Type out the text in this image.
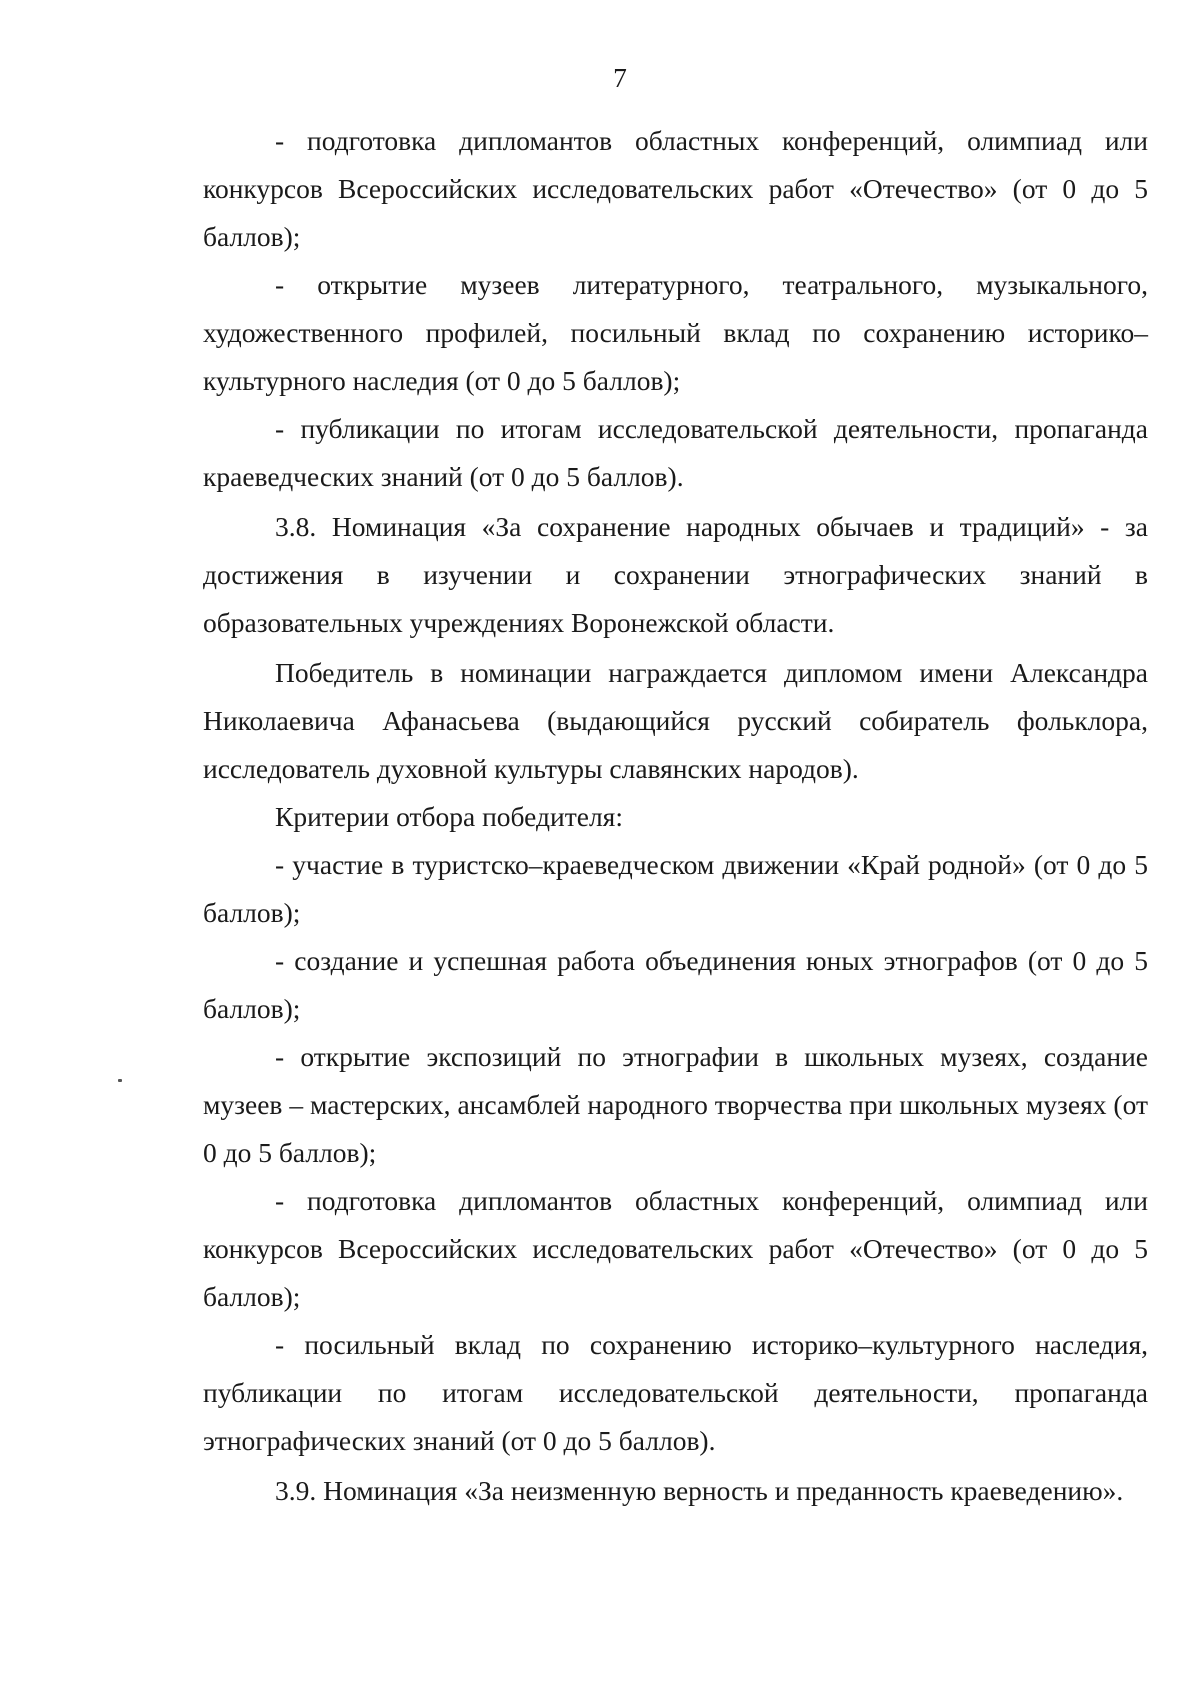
7

- подготовка дипломантов областных конференций, олимпиад или конкурсов Всероссийских исследовательских работ «Отечество» (от 0 до 5 баллов);

- открытие музеев литературного, театрального, музыкального, художественного профилей, посильный вклад по сохранению историко–культурного наследия (от 0 до 5 баллов);

- публикации по итогам исследовательской деятельности, пропаганда краеведческих знаний (от 0 до 5 баллов).

3.8. Номинация «За сохранение народных обычаев и традиций» - за достижения в изучении и сохранении этнографических знаний в образовательных учреждениях Воронежской области.

Победитель в номинации награждается дипломом имени Александра Николаевича Афанасьева (выдающийся русский собиратель фольклора, исследователь духовной культуры славянских народов).

Критерии отбора победителя:

- участие в туристско–краеведческом движении «Край родной» (от 0 до 5 баллов);

- создание и успешная работа объединения юных этнографов (от 0 до 5 баллов);

- открытие экспозиций по этнографии в школьных музеях, создание музеев – мастерских, ансамблей народного творчества при школьных музеях (от 0 до 5 баллов);

- подготовка дипломантов областных конференций, олимпиад или конкурсов Всероссийских исследовательских работ «Отечество» (от 0 до 5 баллов);

- посильный вклад по сохранению историко–культурного наследия, публикации по итогам исследовательской деятельности, пропаганда этнографических знаний (от 0 до 5 баллов).

3.9. Номинация «За неизменную верность и преданность краеведению».
